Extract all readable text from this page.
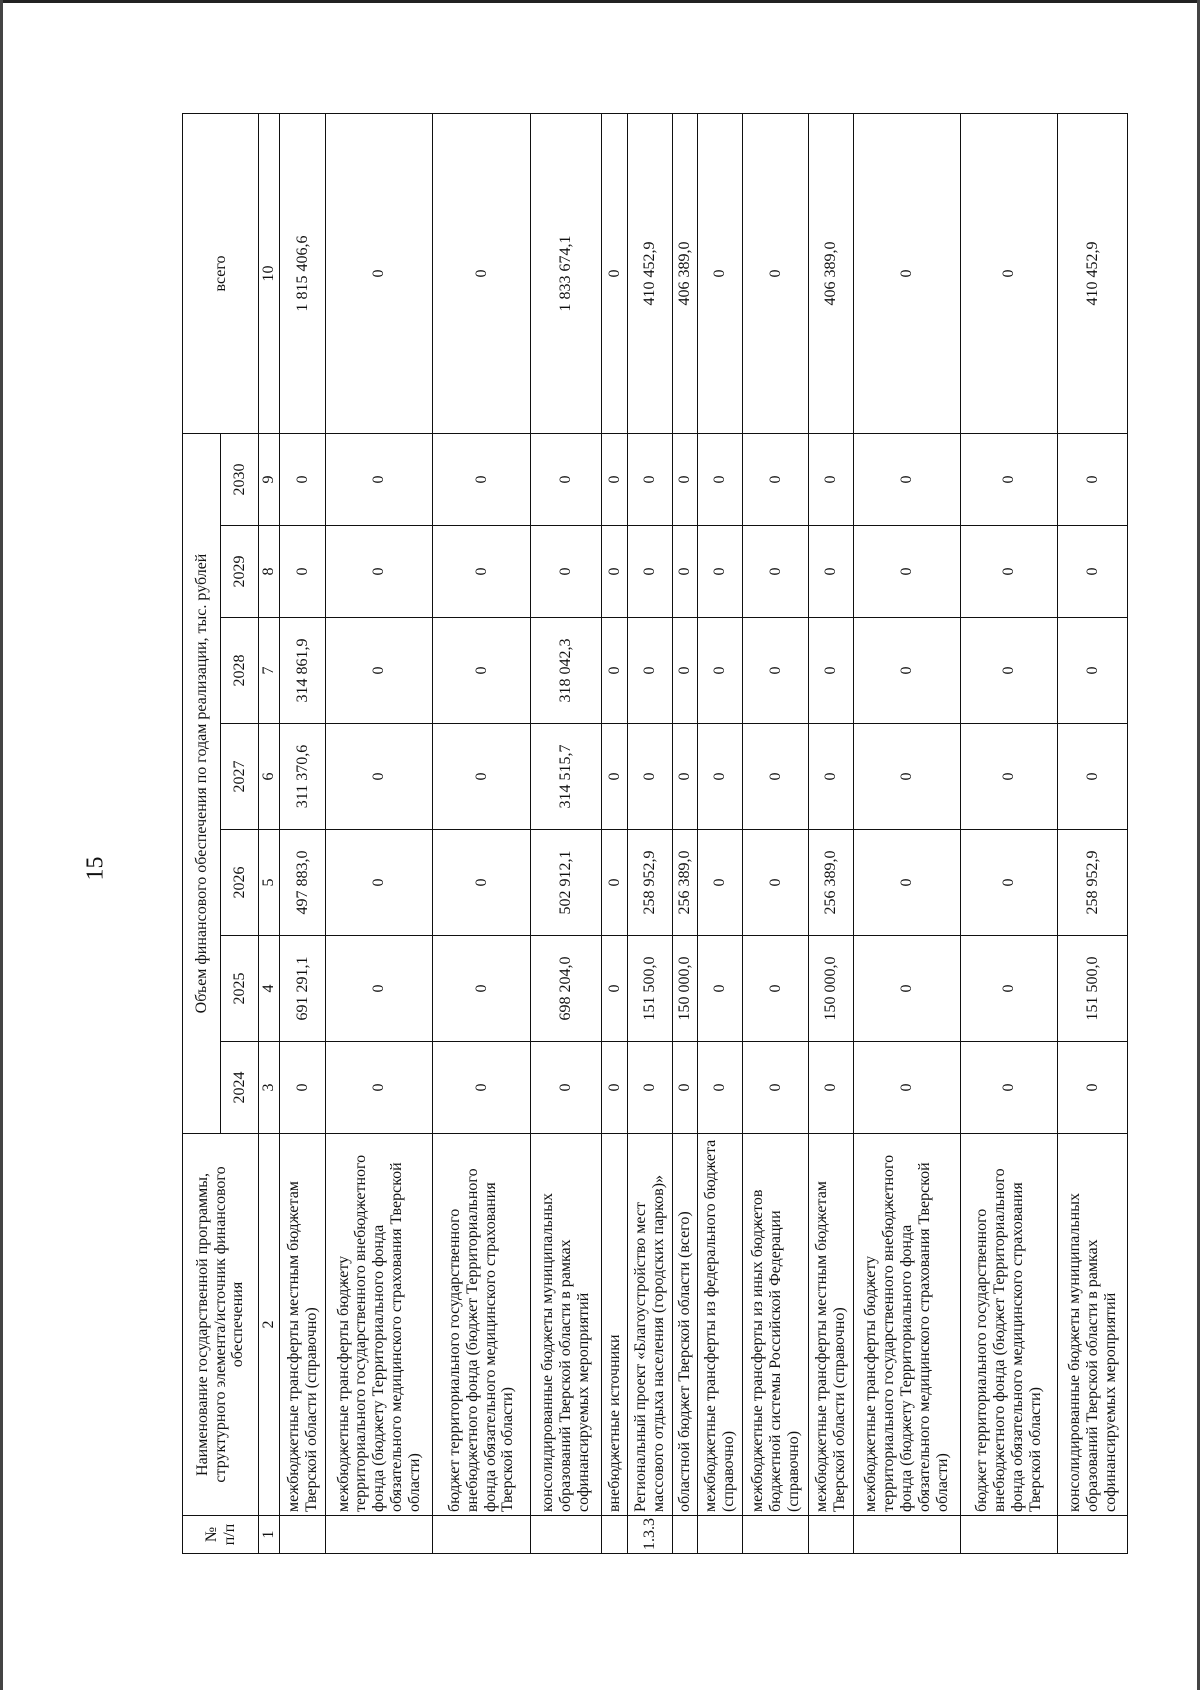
15
№ п/п	Наименование государственной программы, структурного элемента/источник финансового обеспечения	Объем финансового обеспечения по годам реализации, тыс. рублей							всего
		2024	2025	2026	2027	2028	2029	2030	
1	2	3	4	5	6	7	8	9	10
	межбюджетные трансферты местным бюджетам Тверской области (справочно)	0	691 291,1	497 883,0	311 370,6	314 861,9	0	0	1 815 406,6
	межбюджетные трансферты бюджету территориального государственного внебюджетного фонда (бюджету Территориального фонда обязательного медицинского страхования Тверской области)	0	0	0	0	0	0	0	0
	бюджет территориального государственного внебюджетного фонда (бюджет Территориального фонда обязательного медицинского страхования Тверской области)	0	0	0	0	0	0	0	0
	консолидированные бюджеты муниципальных образований Тверской области в рамках софинансируемых мероприятий	0	698 204,0	502 912,1	314 515,7	318 042,3	0	0	1 833 674,1
	внебюджетные источники	0	0	0	0	0	0	0	0
1.3.3	Региональный проект «Благоустройство мест массового отдыха населения (городских парков)»	0	151 500,0	258 952,9	0	0	0	0	410 452,9
	областной бюджет Тверской области (всего)	0	150 000,0	256 389,0	0	0	0	0	406 389,0
	межбюджетные трансферты из федерального бюджета (справочно)	0	0	0	0	0	0	0	0
	межбюджетные трансферты из иных бюджетов бюджетной системы Российской Федерации (справочно)	0	0	0	0	0	0	0	0
	межбюджетные трансферты местным бюджетам Тверской области (справочно)	0	150 000,0	256 389,0	0	0	0	0	406 389,0
	межбюджетные трансферты бюджету территориального государственного внебюджетного фонда (бюджету Территориального фонда обязательного медицинского страхования Тверской области)	0	0	0	0	0	0	0	0
	бюджет территориального государственного внебюджетного фонда (бюджет Территориального фонда обязательного медицинского страхования Тверской области)	0	0	0	0	0	0	0	0
	консолидированные бюджеты муниципальных образований Тверской области в рамках софинансируемых мероприятий	0	151 500,0	258 952,9	0	0	0	0	410 452,9
